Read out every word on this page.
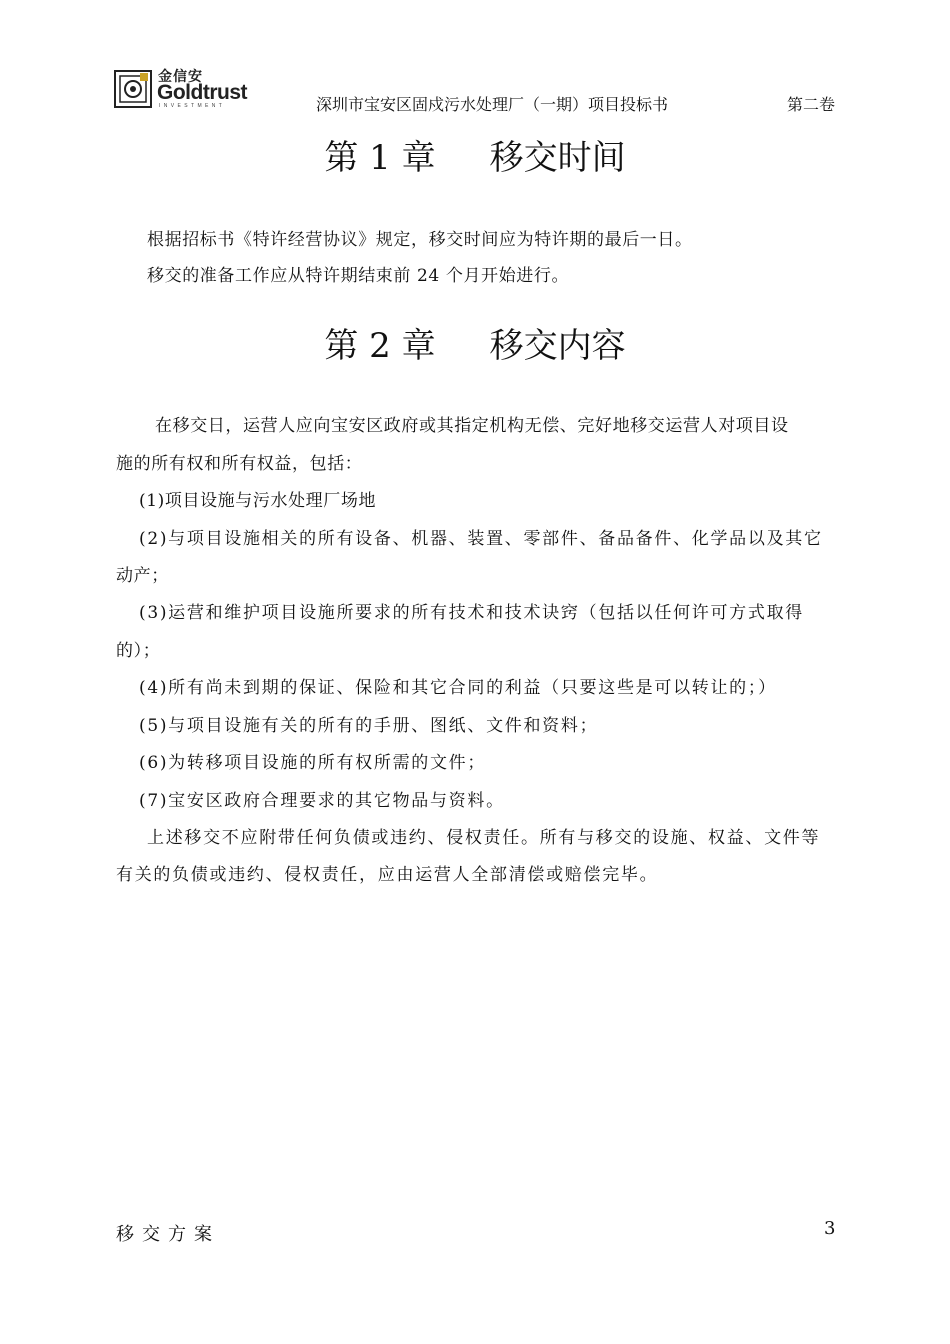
金信安
Goldtrust
INVESTMENT	深圳市宝安区固戍污水处理厂（一期）项目投标书	第二卷
第 1 章 移交时间
根据招标书《特许经营协议》规定，移交时间应为特许期的最后一日。
移交的准备工作应从特许期结束前 24 个月开始进行。
第 2 章 移交内容
在移交日，运营人应向宝安区政府或其指定机构无偿、完好地移交运营人对项目设
施的所有权和所有权益，包括：
(1)项目设施与污水处理厂场地
(2)与项目设施相关的所有设备、机器、装置、零部件、备品备件、化学品以及其它
动产；
(3)运营和维护项目设施所要求的所有技术和技术诀窍（包括以任何许可方式取得
的）；
(4)所有尚未到期的保证、保险和其它合同的利益（只要这些是可以转让的；）
(5)与项目设施有关的所有的手册、图纸、文件和资料；
(6)为转移项目设施的所有权所需的文件；
(7)宝安区政府合理要求的其它物品与资料。
上述移交不应附带任何负债或违约、侵权责任。所有与移交的设施、权益、文件等
有关的负债或违约、侵权责任，应由运营人全部清偿或赔偿完毕。
移交方案	3
